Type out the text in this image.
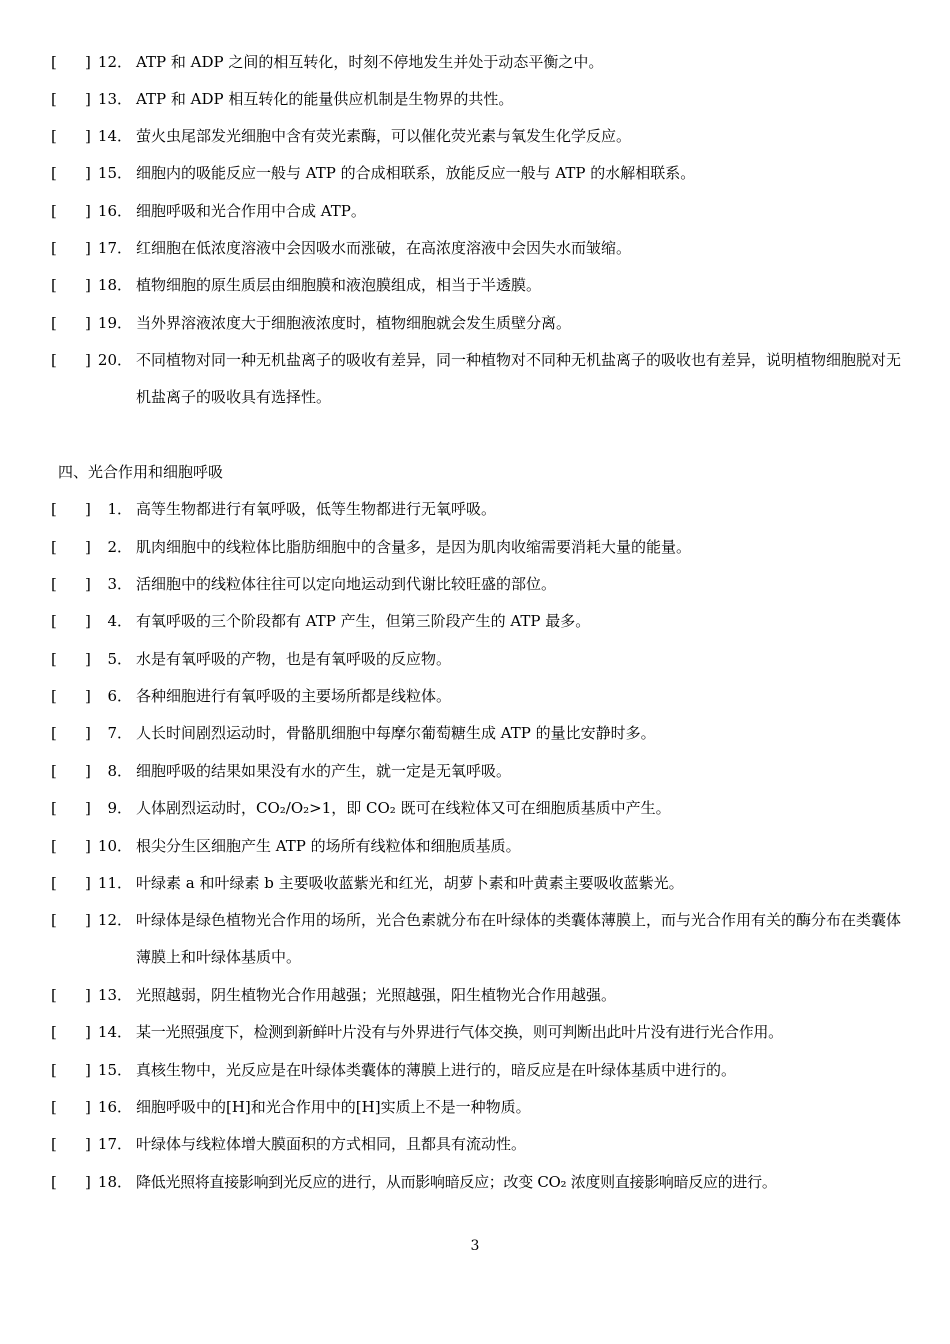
[ ] 12． ATP 和 ADP 之间的相互转化，时刻不停地发生并处于动态平衡之中。
[ ] 13． ATP 和 ADP 相互转化的能量供应机制是生物界的共性。
[ ] 14． 萤火虫尾部发光细胞中含有荧光素酶，可以催化荧光素与氧发生化学反应。
[ ] 15． 细胞内的吸能反应一般与 ATP 的合成相联系，放能反应一般与 ATP 的水解相联系。
[ ] 16． 细胞呼吸和光合作用中合成 ATP。
[ ] 17． 红细胞在低浓度溶液中会因吸水而涨破，在高浓度溶液中会因失水而皱缩。
[ ] 18． 植物细胞的原生质层由细胞膜和液泡膜组成，相当于半透膜。
[ ] 19． 当外界溶液浓度大于细胞液浓度时，植物细胞就会发生质壁分离。
[ ] 20． 不同植物对同一种无机盐离子的吸收有差异，同一种植物对不同种无机盐离子的吸收也有差异，说明植物细胞脱对无机盐离子的吸收具有选择性。
四、光合作用和细胞呼吸
[ ]	1． 高等生物都进行有氧呼吸，低等生物都进行无氧呼吸。
[ ]	2． 肌肉细胞中的线粒体比脂肪细胞中的含量多，是因为肌肉收缩需要消耗大量的能量。
[ ]	3． 活细胞中的线粒体往往可以定向地运动到代谢比较旺盛的部位。
[ ]	4． 有氧呼吸的三个阶段都有 ATP 产生，但第三阶段产生的 ATP 最多。
[ ]	5． 水是有氧呼吸的产物，也是有氧呼吸的反应物。
[ ]	6． 各种细胞进行有氧呼吸的主要场所都是线粒体。
[ ]	7． 人长时间剧烈运动时，骨骼肌细胞中每摩尔葡萄糖生成 ATP 的量比安静时多。
[ ]	8． 细胞呼吸的结果如果没有水的产生，就一定是无氧呼吸。
[ ]	9． 人体剧烈运动时，CO₂/O₂>1，即 CO₂ 既可在线粒体又可在细胞质基质中产生。
[ ] 10． 根尖分生区细胞产生 ATP 的场所有线粒体和细胞质基质。
[ ] 11． 叶绿素 a 和叶绿素 b 主要吸收蓝紫光和红光，胡萝卜素和叶黄素主要吸收蓝紫光。
[ ] 12． 叶绿体是绿色植物光合作用的场所，光合色素就分布在叶绿体的类囊体薄膜上，而与光合作用有关的酶分布在类囊体薄膜上和叶绿体基质中。
[ ] 13． 光照越弱，阴生植物光合作用越强；光照越强，阳生植物光合作用越强。
[ ] 14． 某一光照强度下，检测到新鲜叶片没有与外界进行气体交换，则可判断出此叶片没有进行光合作用。
[ ] 15． 真核生物中，光反应是在叶绿体类囊体的薄膜上进行的，暗反应是在叶绿体基质中进行的。
[ ] 16． 细胞呼吸中的[H]和光合作用中的[H]实质上不是一种物质。
[ ] 17． 叶绿体与线粒体增大膜面积的方式相同，且都具有流动性。
[ ] 18． 降低光照将直接影响到光反应的进行，从而影响暗反应；改变 CO₂ 浓度则直接影响暗反应的进行。
3
